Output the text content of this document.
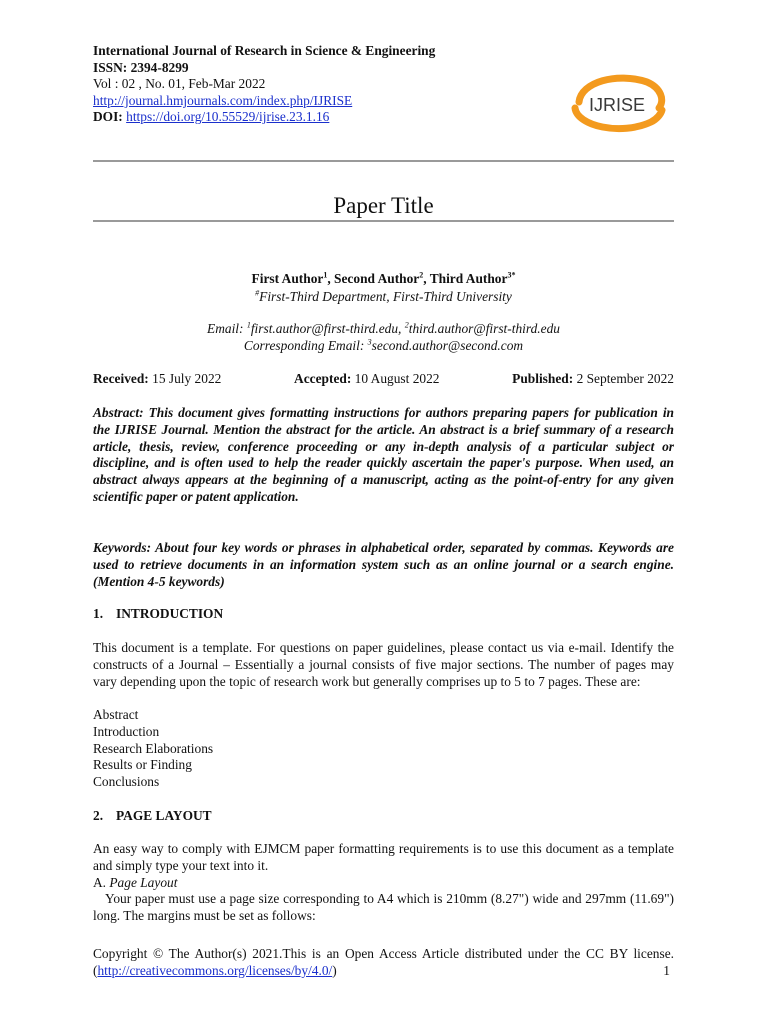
International Journal of Research in Science & Engineering
ISSN: 2394-8299
Vol : 02 , No. 01, Feb-Mar 2022
http://journal.hmjournals.com/index.php/IJRISE
DOI: https://doi.org/10.55529/ijrise.23.1.16
IJRISE
Paper Title
First Author$^1$, Second Author$^2$, Third Author$^{3*}$
#First-Third Department, First-Third University
Email: $^1$first.author@first-third.edu, $^2$third.author@first-third.edu
Corresponding Email: $^3$second.author@second.com
Received: 15 July 2022	Accepted: 10 August 2022	Published: 2 September 2022
Abstract: This document gives formatting instructions for authors preparing papers for publication in the IJRISE Journal. Mention the abstract for the article. An abstract is a brief summary of a research article, thesis, review, conference proceeding or any in-depth analysis of a particular subject or discipline, and is often used to help the reader quickly ascertain the paper's purpose. When used, an abstract always appears at the beginning of a manuscript, acting as the point-of-entry for any given scientific paper or patent application.
Keywords: About four key words or phrases in alphabetical order, separated by commas. Keywords are used to retrieve documents in an information system such as an online journal or a search engine. (Mention 4-5 keywords)
1. INTRODUCTION
This document is a template. For questions on paper guidelines, please contact us via e-mail. Identify the constructs of a Journal – Essentially a journal consists of five major sections. The number of pages may vary depending upon the topic of research work but generally comprises up to 5 to 7 pages. These are:
Abstract
Introduction
Research Elaborations
Results or Finding
Conclusions
2. PAGE LAYOUT
An easy way to comply with EJMCM paper formatting requirements is to use this document as a template and simply type your text into it.
A. Page Layout
Your paper must use a page size corresponding to A4 which is 210mm (8.27") wide and 297mm (11.69") long. The margins must be set as follows:
Copyright © The Author(s) 2021.This is an Open Access Article distributed under the CC BY license. (http://creativecommons.org/licenses/by/4.0/)	1
